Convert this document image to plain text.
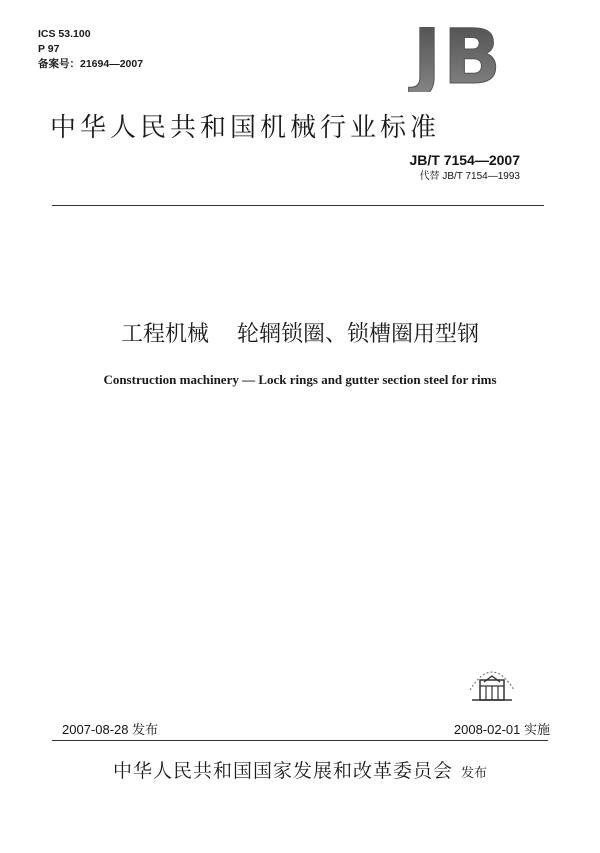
ICS 53.100
P 97
备案号：21694—2007	JB
中华人民共和国机械行业标准
JB/T 7154—2007
代替 JB/T 7154—1993
工程机械 轮辋锁圈、锁槽圈用型钢
Construction machinery — Lock rings and gutter section steel for rims
2007-08-28 发布	2008-02-01 实施
中华人民共和国国家发展和改革委员会 发布
